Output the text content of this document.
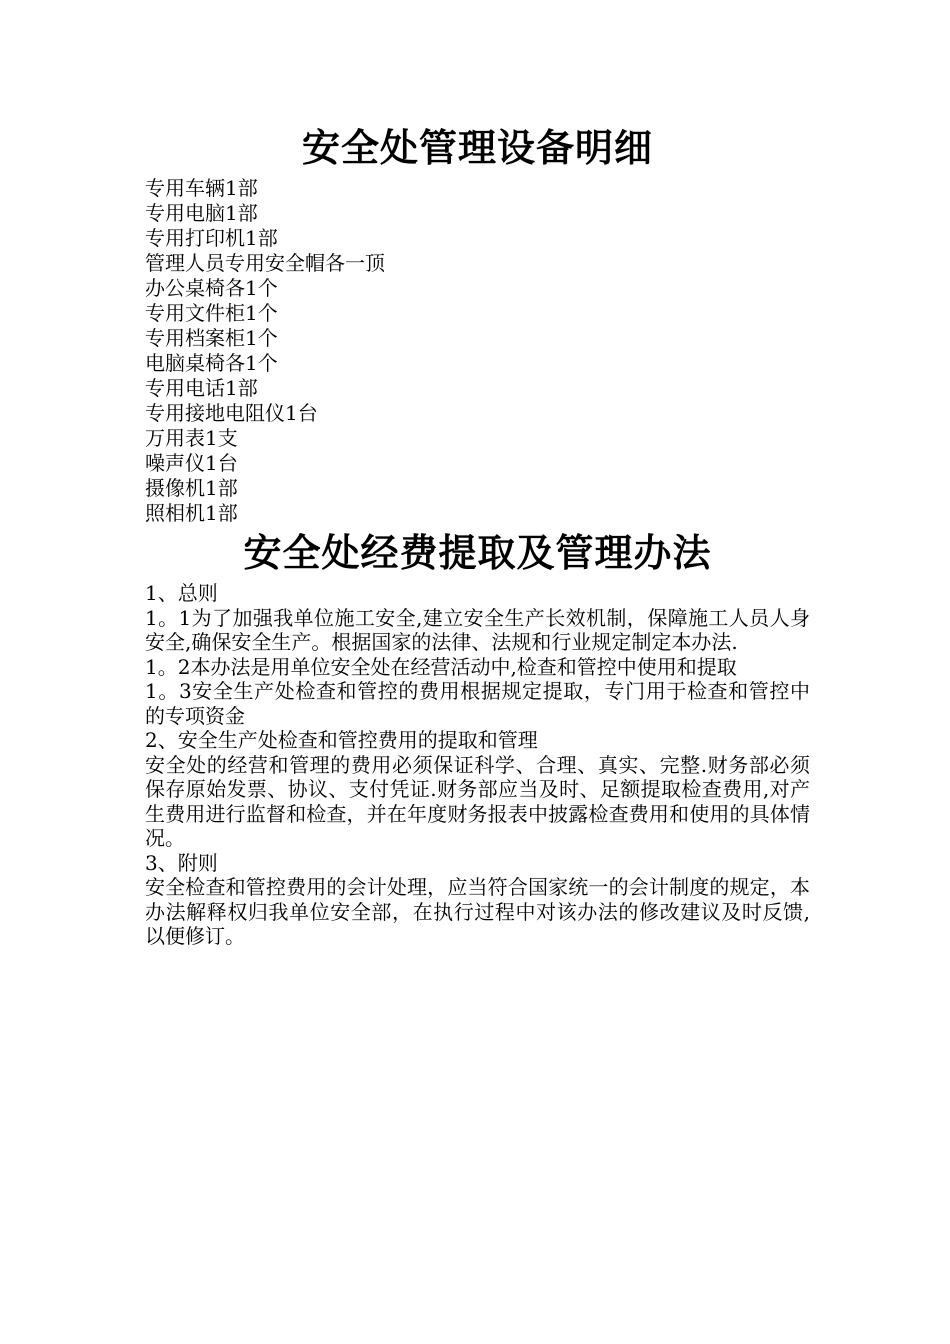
安全处管理设备明细

专用车辆1部

专用电脑1部

专用打印机1部

管理人员专用安全帽各一顶

办公桌椅各1个

专用文件柜1个

专用档案柜1个

电脑桌椅各1个

专用电话1部

专用接地电阻仪1台

万用表1支

噪声仪1台

摄像机1部

照相机1部

安全处经费提取及管理办法

1、总则

1。1为了加强我单位施工安全,建立安全生产长效机制，保障施工人员人身安全,确保安全生产。根据国家的法律、法规和行业规定制定本办法.

1。2本办法是用单位安全处在经营活动中,检查和管控中使用和提取

1。3安全生产处检查和管控的费用根据规定提取，专门用于检查和管控中的专项资金

2、安全生产处检查和管控费用的提取和管理

安全处的经营和管理的费用必须保证科学、合理、真实、完整.财务部必须保存原始发票、协议、支付凭证.财务部应当及时、足额提取检查费用,对产生费用进行监督和检查，并在年度财务报表中披露检查费用和使用的具体情况。

3、附则

安全检查和管控费用的会计处理，应当符合国家统一的会计制度的规定，本办法解释权归我单位安全部，在执行过程中对该办法的修改建议及时反馈,以便修订。
